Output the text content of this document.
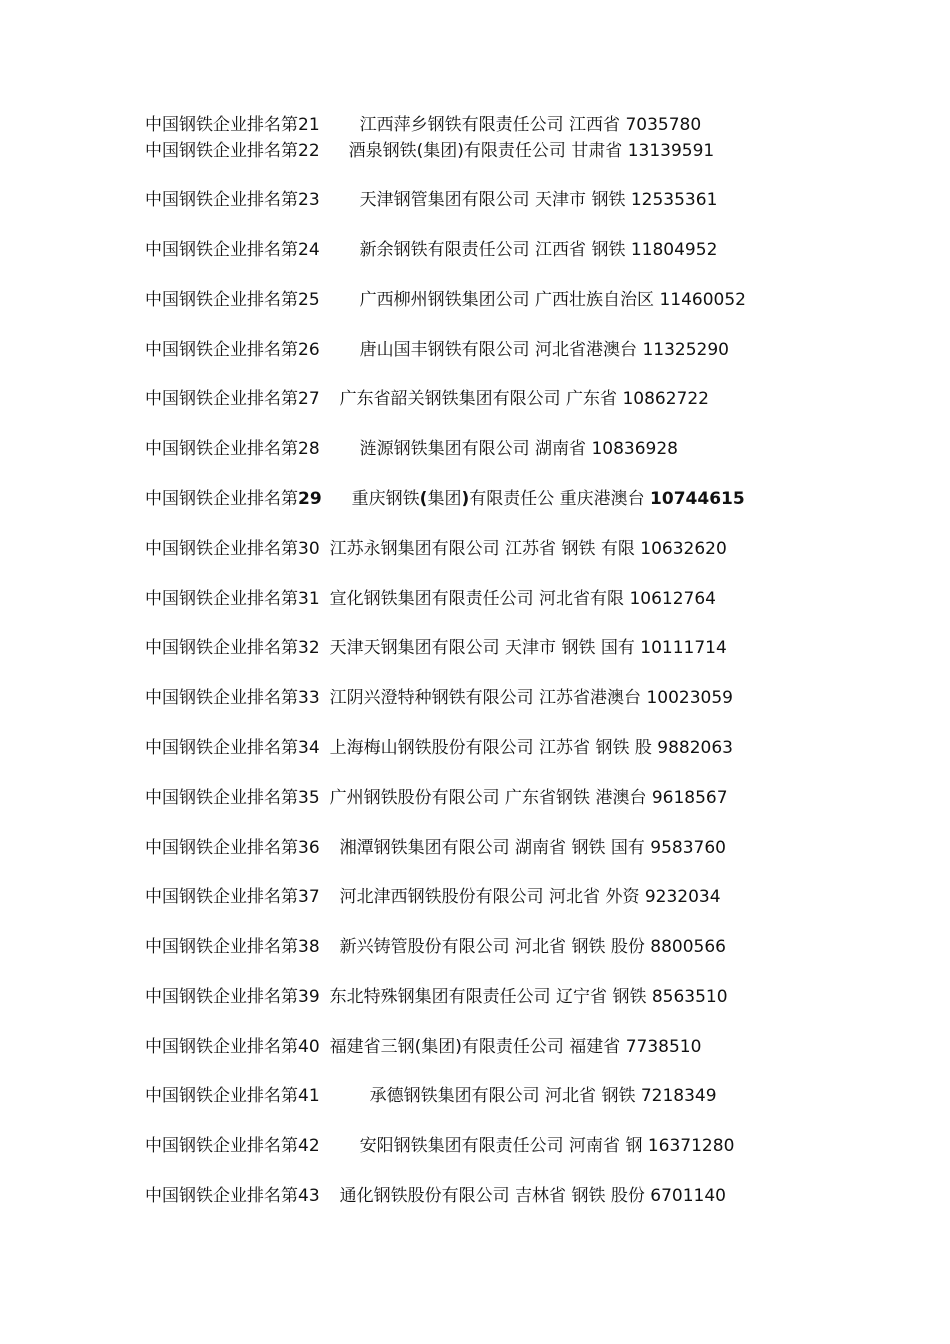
中国钢铁企业排名第21 江西萍乡钢铁有限责任公司 江西省 7035780
中国钢铁企业排名第22 酒泉钢铁(集团)有限责任公司 甘肃省 13139591
中国钢铁企业排名第23 天津钢管集团有限公司 天津市 钢铁 12535361
中国钢铁企业排名第24 新余钢铁有限责任公司 江西省 钢铁 11804952
中国钢铁企业排名第25 广西柳州钢铁集团公司 广西壮族自治区 11460052
中国钢铁企业排名第26 唐山国丰钢铁有限公司 河北省港澳台 11325290
中国钢铁企业排名第27 广东省韶关钢铁集团有限公司 广东省 10862722
中国钢铁企业排名第28 涟源钢铁集团有限公司 湖南省 10836928
中国钢铁企业排名第29 重庆钢铁(集团)有限责任公 重庆港澳台 10744615
中国钢铁企业排名第30 江苏永钢集团有限公司 江苏省 钢铁 有限 10632620
中国钢铁企业排名第31 宣化钢铁集团有限责任公司 河北省有限 10612764
中国钢铁企业排名第32 天津天钢集团有限公司 天津市 钢铁 国有 10111714
中国钢铁企业排名第33 江阴兴澄特种钢铁有限公司 江苏省港澳台 10023059
中国钢铁企业排名第34 上海梅山钢铁股份有限公司 江苏省 钢铁 股 9882063
中国钢铁企业排名第35 广州钢铁股份有限公司 广东省钢铁 港澳台 9618567
中国钢铁企业排名第36 湘潭钢铁集团有限公司 湖南省 钢铁 国有 9583760
中国钢铁企业排名第37 河北津西钢铁股份有限公司 河北省 外资 9232034
中国钢铁企业排名第38 新兴铸管股份有限公司 河北省 钢铁 股份 8800566
中国钢铁企业排名第39 东北特殊钢集团有限责任公司 辽宁省 钢铁 8563510
中国钢铁企业排名第40 福建省三钢(集团)有限责任公司 福建省 7738510
中国钢铁企业排名第41	承德钢铁集团有限公司 河北省 钢铁 7218349
中国钢铁企业排名第42 安阳钢铁集团有限责任公司 河南省 钢 16371280
中国钢铁企业排名第43 通化钢铁股份有限公司 吉林省 钢铁 股份 6701140
